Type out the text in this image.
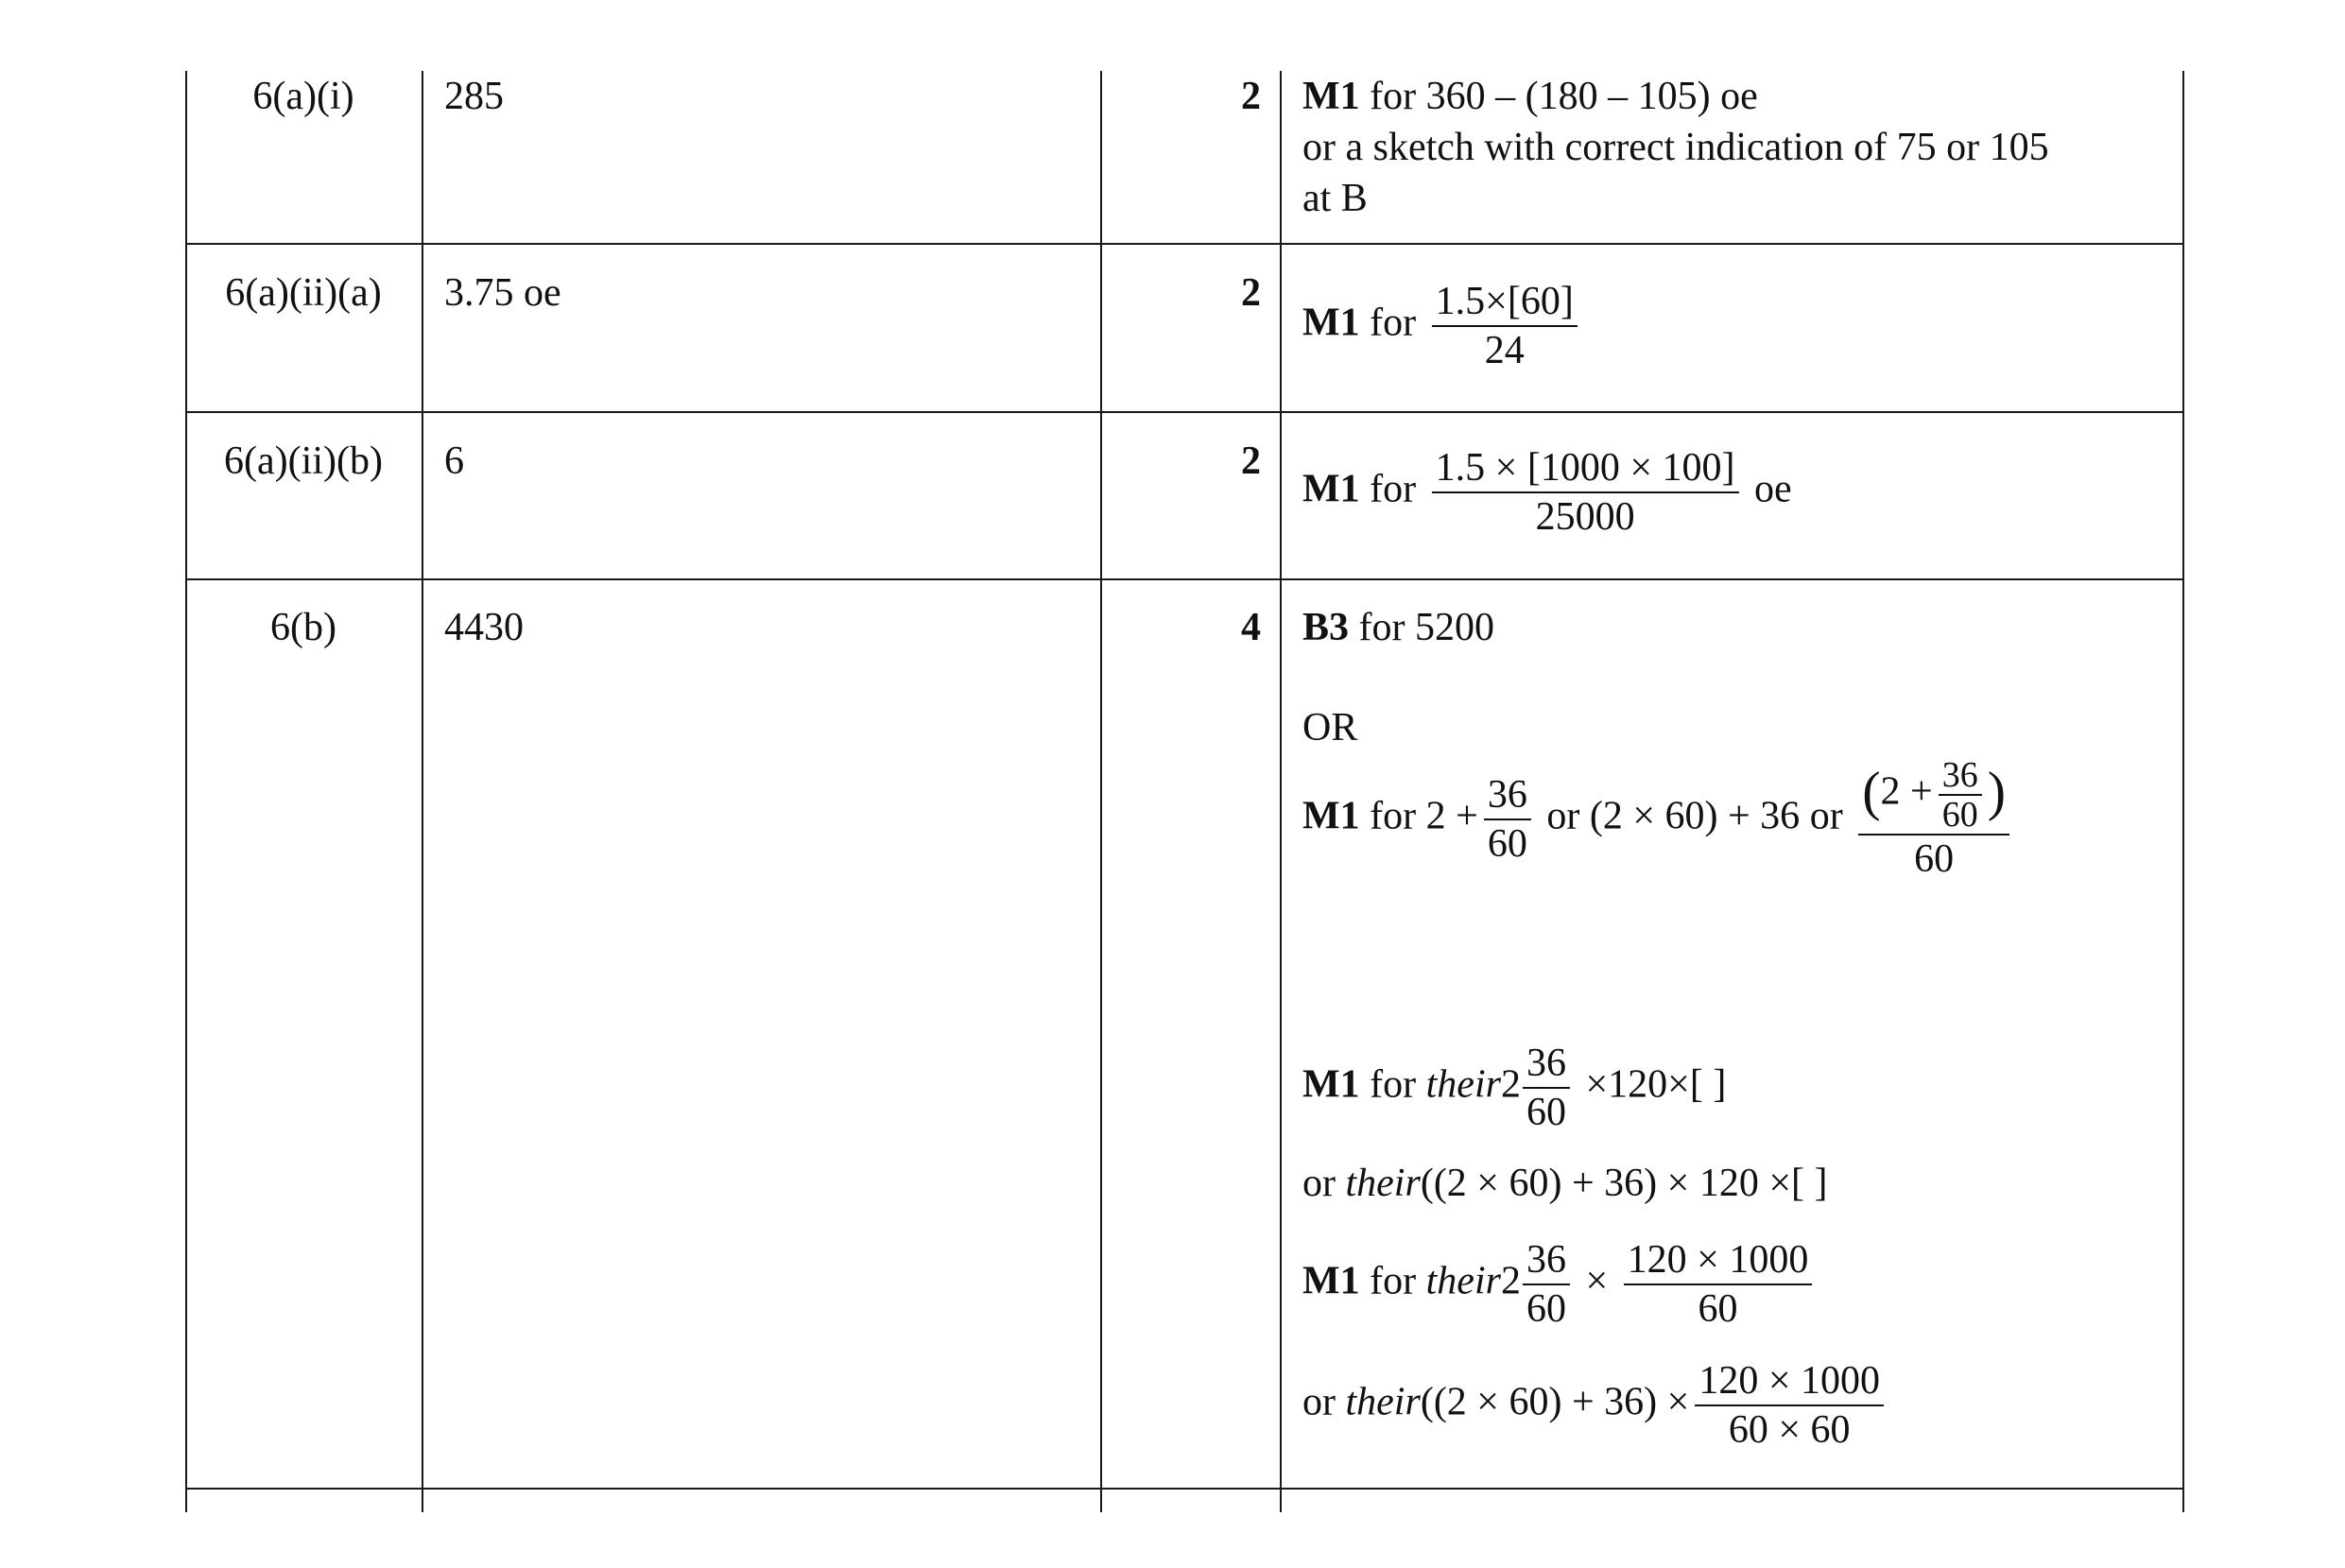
6(a)(i)	285	2 M1 for 360 – (180 – 105) oe
or a sketch with correct indication of 75 or 105
at B
6(a)(ii)(a)	3.75 oe	2
M1 for $\frac{1.5\times[60]}{24}$
6(a)(ii)(b)	6	2
M1 for $\frac{1.5 \times [1000 \times 100]}{25000}$ oe
6(b)	4430	4 B3 for 5200
OR
M1 for $2 + \frac{36}{60}$ or (2 × 60) + 36 or $\frac{(2 + \frac{36}{60} )}{60}$
M1 for their2 $\frac{36}{60} \times 120\times$[ ]
or their((2 × 60) + 36) × 120 ×[ ]
M1 for their2 $\frac{36}{60} \times \frac{120 \times 1000}{60}$
or their((2 × $60) + 36) \times \frac{120 \times 1000}{60 \times 60}$
